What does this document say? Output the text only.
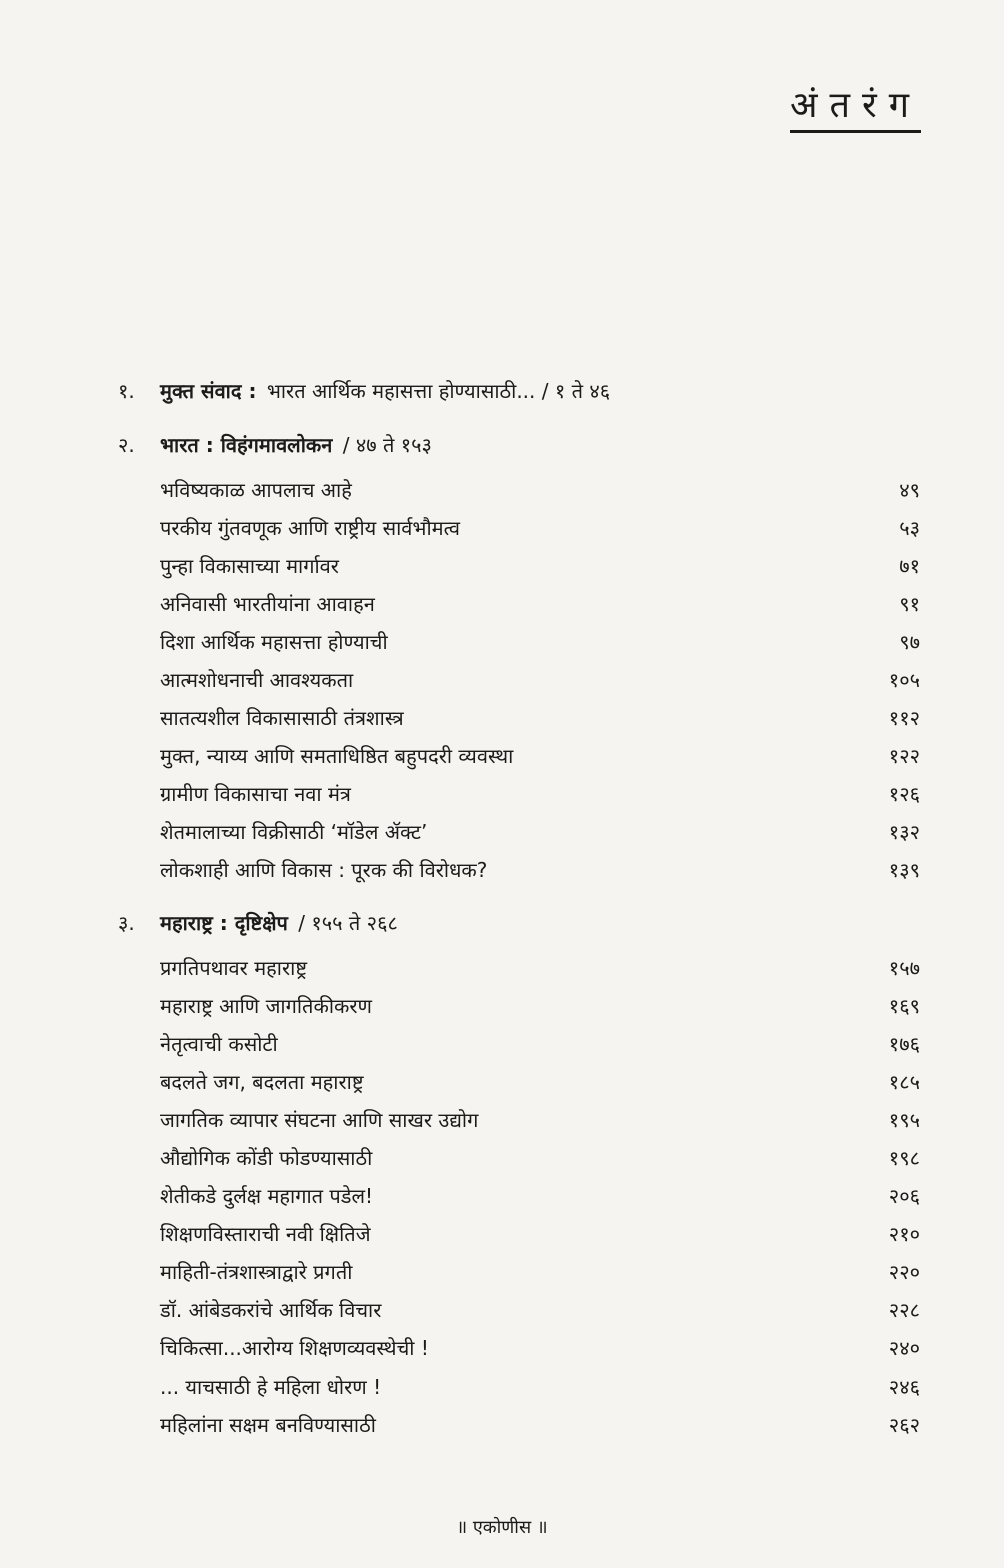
अंतरंग
१. मुक्त संवाद : भारत आर्थिक महासत्ता होण्यासाठी... / १ ते ४६
२. भारत : विहंगमावलोकन / ४७ ते १५३
भविष्यकाळ आपलाच आहे	४९
परकीय गुंतवणूक आणि राष्ट्रीय सार्वभौमत्व	५३
पुन्हा विकासाच्या मार्गावर	७१
अनिवासी भारतीयांना आवाहन	९१
दिशा आर्थिक महासत्ता होण्याची	९७
आत्मशोधनाची आवश्यकता	१०५
सातत्यशील विकासासाठी तंत्रशास्त्र	११२
मुक्त, न्याय्य आणि समताधिष्ठित बहुपदरी व्यवस्था	१२२
ग्रामीण विकासाचा नवा मंत्र	१२६
शेतमालाच्या विक्रीसाठी ‘मॉडेल ॲक्ट’	१३२
लोकशाही आणि विकास : पूरक की विरोधक?	१३९
३. महाराष्ट्र : दृष्टिक्षेप / १५५ ते २६८
प्रगतिपथावर महाराष्ट्र	१५७
महाराष्ट्र आणि जागतिकीकरण	१६९
नेतृत्वाची कसोटी	१७६
बदलते जग, बदलता महाराष्ट्र	१८५
जागतिक व्यापार संघटना आणि साखर उद्योग	१९५
औद्योगिक कोंडी फोडण्यासाठी	१९८
शेतीकडे दुर्लक्ष महागात पडेल!	२०६
शिक्षणविस्ताराची नवी क्षितिजे	२१०
माहिती-तंत्रशास्त्राद्वारे प्रगती	२२०
डॉ. आंबेडकरांचे आर्थिक विचार	२२८
चिकित्सा...आरोग्य शिक्षणव्यवस्थेची !	२४०
... याचसाठी हे महिला धोरण !	२४६
महिलांना सक्षम बनविण्यासाठी	२६२
॥ एकोणीस ॥
